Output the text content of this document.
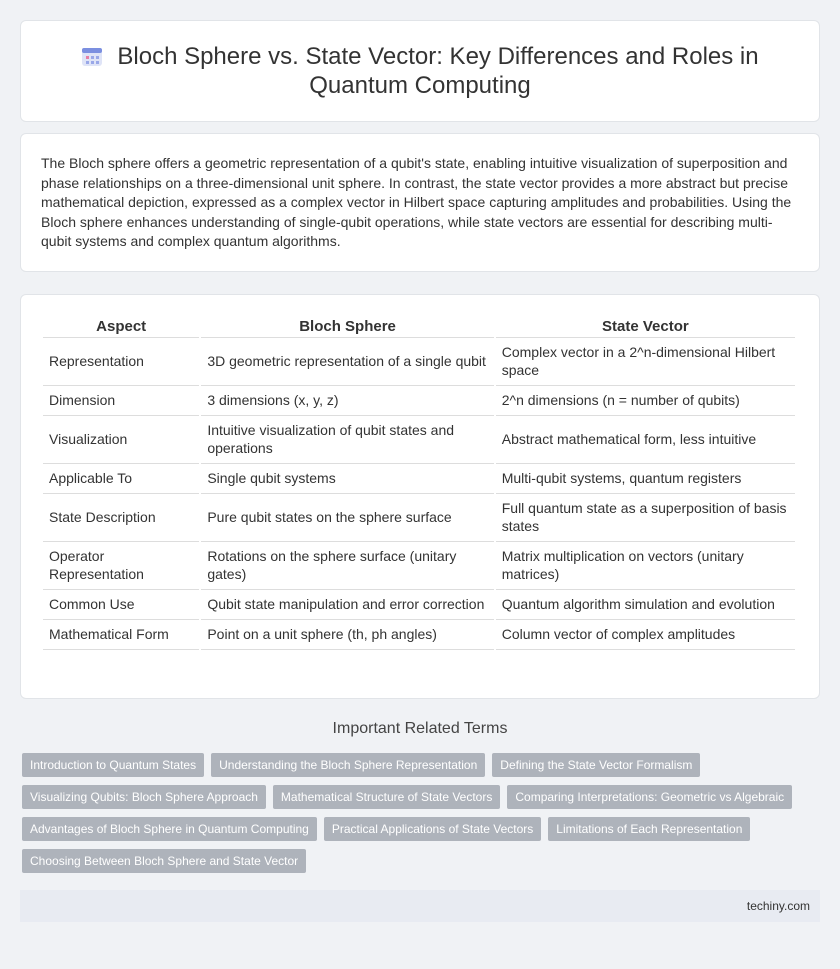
Bloch Sphere vs. State Vector: Key Differences and Roles in Quantum Computing

The Bloch sphere offers a geometric representation of a qubit's state, enabling intuitive visualization of superposition and phase relationships on a three-dimensional unit sphere. In contrast, the state vector provides a more abstract but precise mathematical depiction, expressed as a complex vector in Hilbert space capturing amplitudes and probabilities. Using the Bloch sphere enhances understanding of single-qubit operations, while state vectors are essential for describing multi-qubit systems and complex quantum algorithms.

Aspect	Bloch Sphere	State Vector
Representation	3D geometric representation of a single qubit	Complex vector in a 2^n-dimensional Hilbert space
Dimension	3 dimensions (x, y, z)	2^n dimensions (n = number of qubits)
Visualization	Intuitive visualization of qubit states and operations	Abstract mathematical form, less intuitive
Applicable To	Single qubit systems	Multi-qubit systems, quantum registers
State Description	Pure qubit states on the sphere surface	Full quantum state as a superposition of basis states
Operator Representation	Rotations on the sphere surface (unitary gates)	Matrix multiplication on vectors (unitary matrices)
Common Use	Qubit state manipulation and error correction	Quantum algorithm simulation and evolution
Mathematical Form	Point on a unit sphere (th, ph angles)	Column vector of complex amplitudes
Important Related Terms
Introduction to Quantum States	Understanding the Bloch Sphere Representation	Defining the State Vector Formalism
Visualizing Qubits: Bloch Sphere Approach	Mathematical Structure of State Vectors	Comparing Interpretations: Geometric vs Algebraic
Advantages of Bloch Sphere in Quantum Computing	Practical Applications of State Vectors	Limitations of Each Representation
Choosing Between Bloch Sphere and State Vector
techiny.com
